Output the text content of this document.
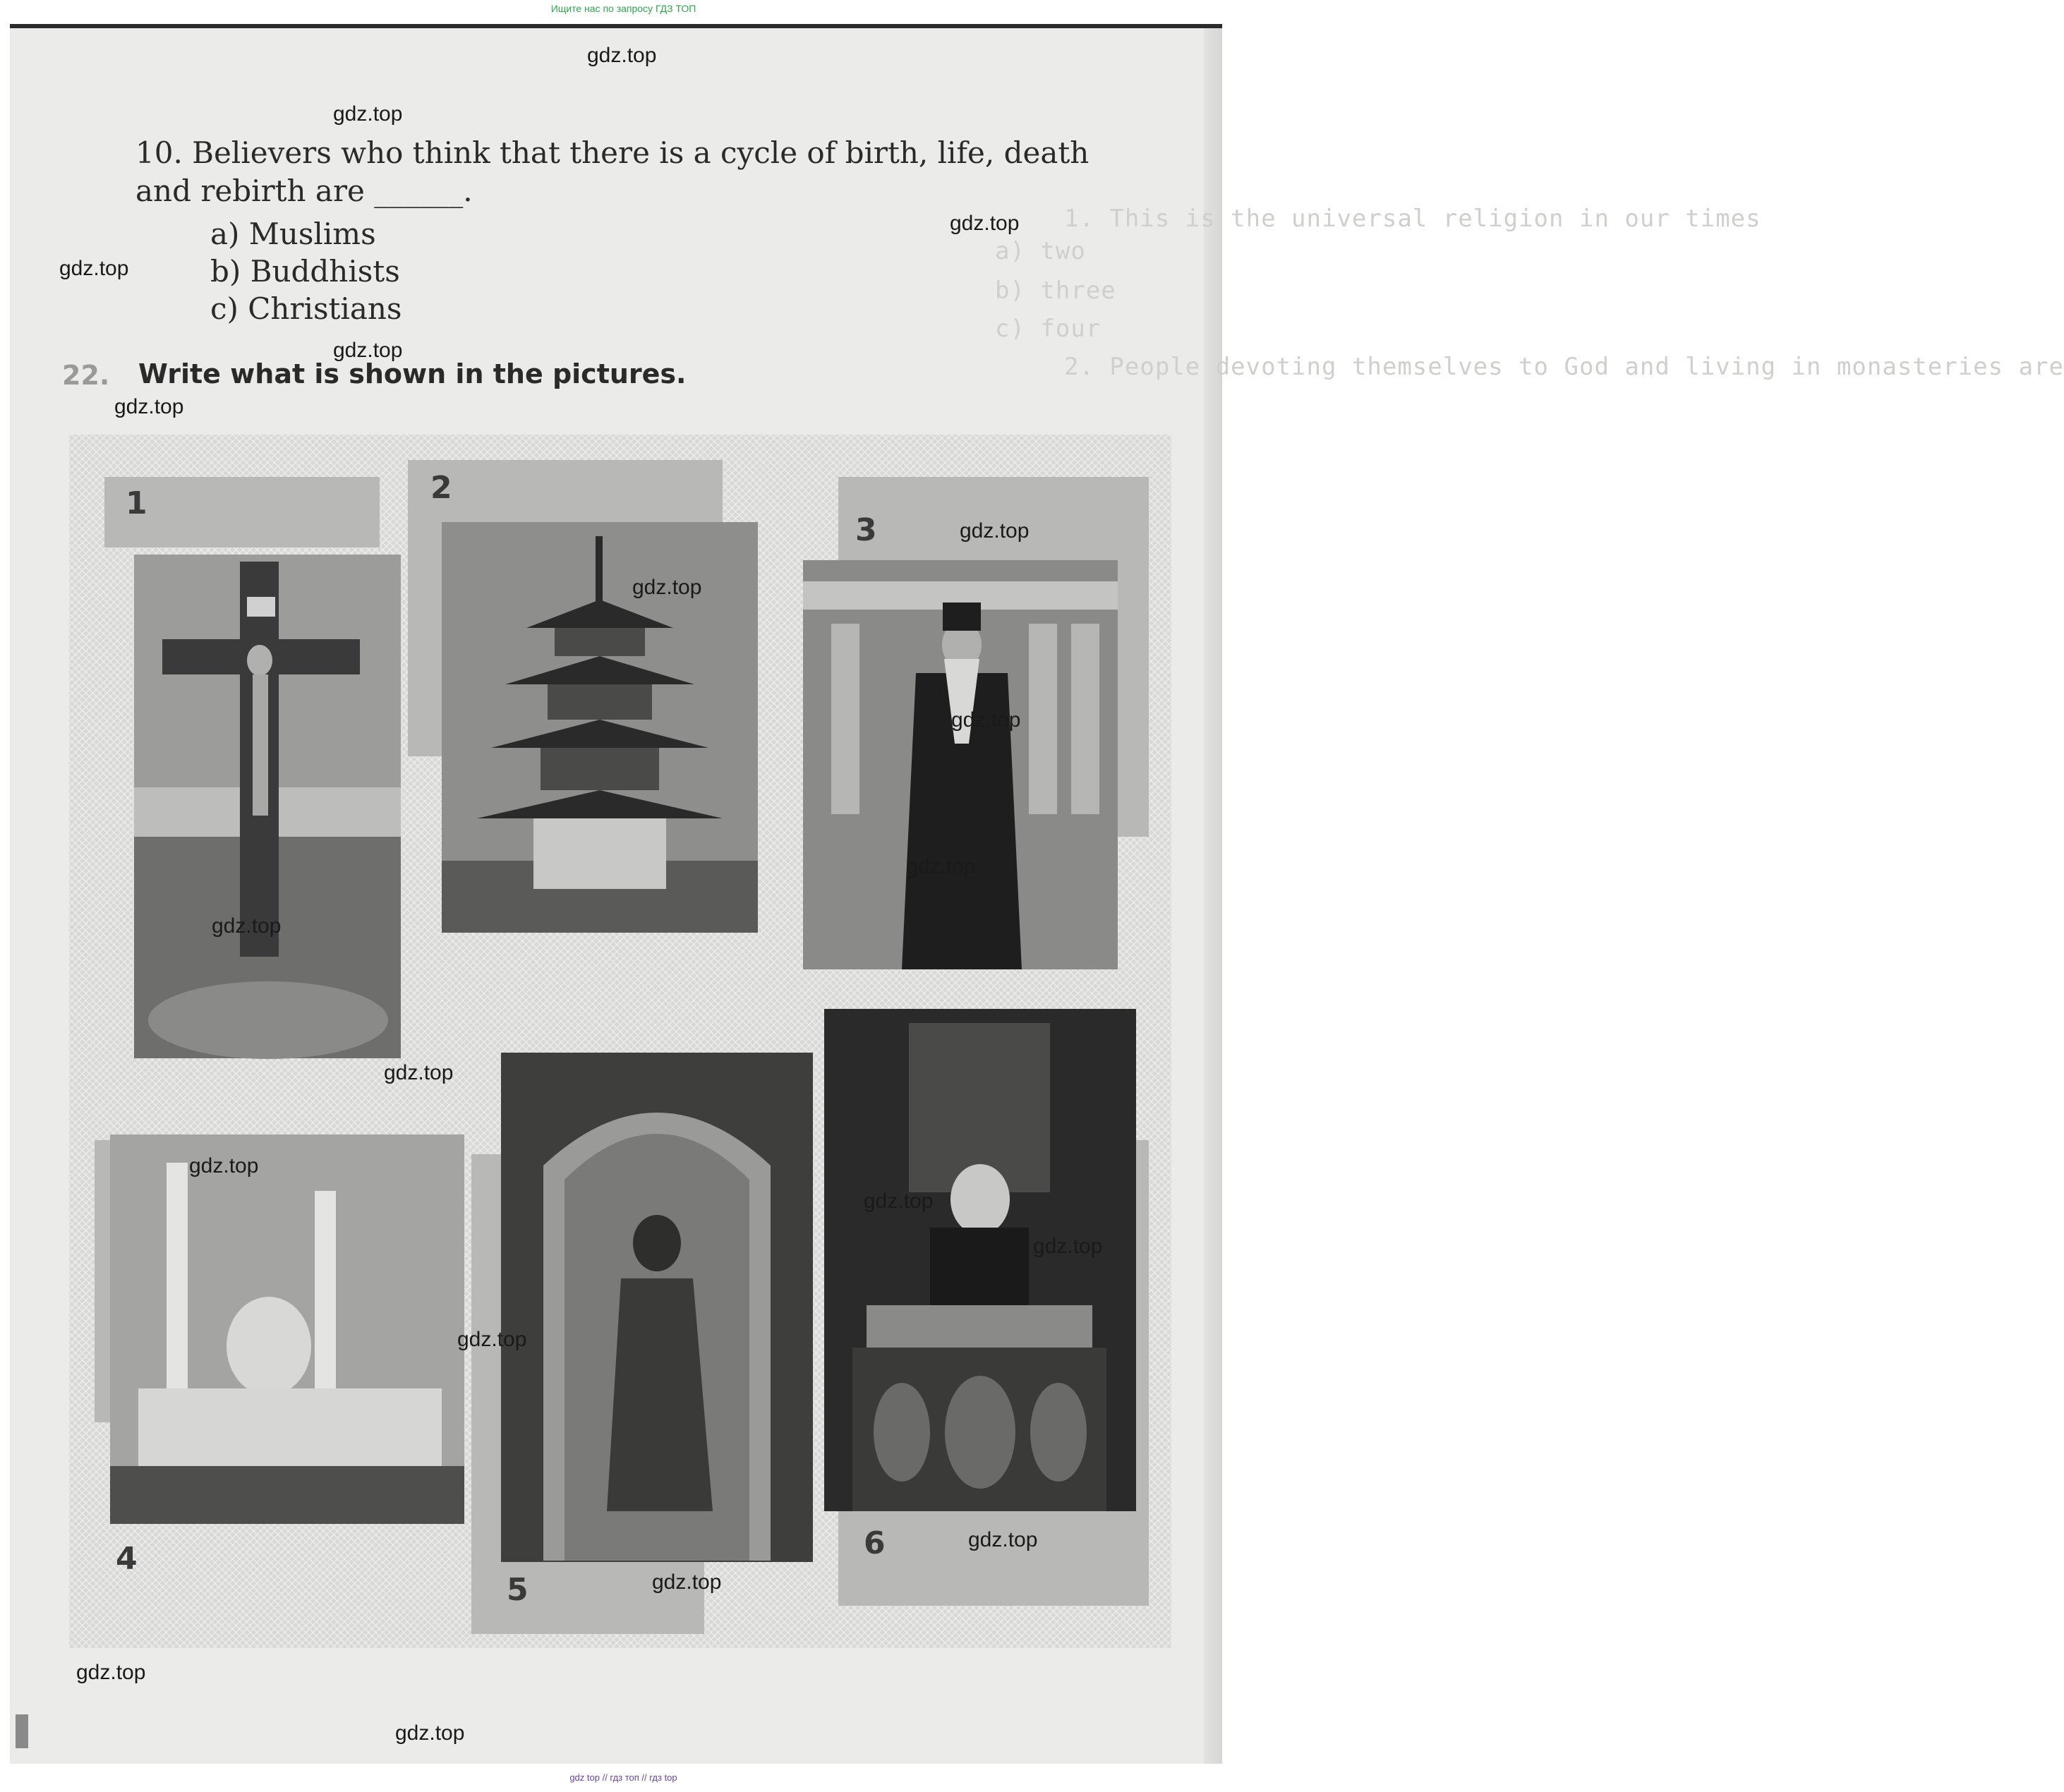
Ищите нас по запросу ГДЗ ТОП
1. This is the universal religion in our times
a) two
b) three
c) four
2. People devoting themselves to God and living in monasteries are
10. Believers who think that there is a cycle of birth, life, death
and rebirth are ______.
a) Muslims
b) Buddhists
c) Christians
22. Write what is shown in the pictures.
1	2
3
4
5
6
gdz.top
gdz.top
gdz.top
gdz.top
gdz.top
gdz.top
gdz.top
gdz.top
gdz.top
gdz.top
gdz.top
gdz.top
gdz.top
gdz.top
gdz.top
gdz.top
gdz.top
gdz.top
gdz.top
gdz.top
gdz top // гдз топ // гдз top
